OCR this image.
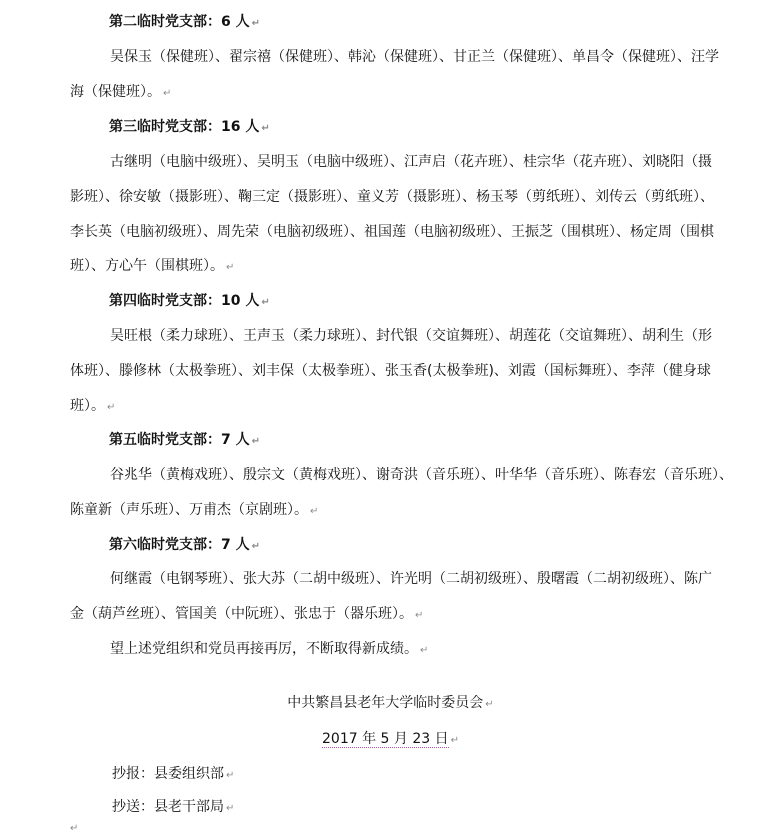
第二临时党支部：6 人 ↵
吴保玉（保健班）、翟宗禧（保健班）、韩沁（保健班）、甘正兰（保健班）、单昌令（保健班）、汪学
海（保健班）。 ↵
第三临时党支部：16 人 ↵
古继明（电脑中级班）、吴明玉（电脑中级班）、江声启（花卉班）、桂宗华（花卉班）、刘晓阳（摄
影班）、徐安敏（摄影班）、鞠三定（摄影班）、童义芳（摄影班）、杨玉琴（剪纸班）、刘传云（剪纸班）、
李长英（电脑初级班）、周先荣（电脑初级班）、祖国莲（电脑初级班）、王振芝（围棋班）、杨定周（围棋
班）、方心午（围棋班）。 ↵
第四临时党支部：10 人 ↵
吴旺根（柔力球班）、王声玉（柔力球班）、封代银（交谊舞班）、胡莲花（交谊舞班）、胡利生（形
体班）、滕修林（太极拳班）、刘丰保（太极拳班）、张玉香(太极拳班)、刘霞（国标舞班）、李萍（健身球
班）。 ↵
第五临时党支部：7 人 ↵
谷兆华（黄梅戏班）、殷宗文（黄梅戏班）、谢奇洪（音乐班）、叶华华（音乐班）、陈春宏（音乐班）、
陈童新（声乐班）、万甫杰（京剧班）。 ↵
第六临时党支部：7 人 ↵
何继霞（电钢琴班）、张大苏（二胡中级班）、许光明（二胡初级班）、殷曙霞（二胡初级班）、陈广
金（葫芦丝班）、管国美（中阮班）、张忠于（器乐班）。 ↵
望上述党组织和党员再接再厉，不断取得新成绩。 ↵
中共繁昌县老年大学临时委员会 ↵
2017 年 5 月 23 日 ↵
抄报：县委组织部 ↵
抄送：县老干部局 ↵
↵
